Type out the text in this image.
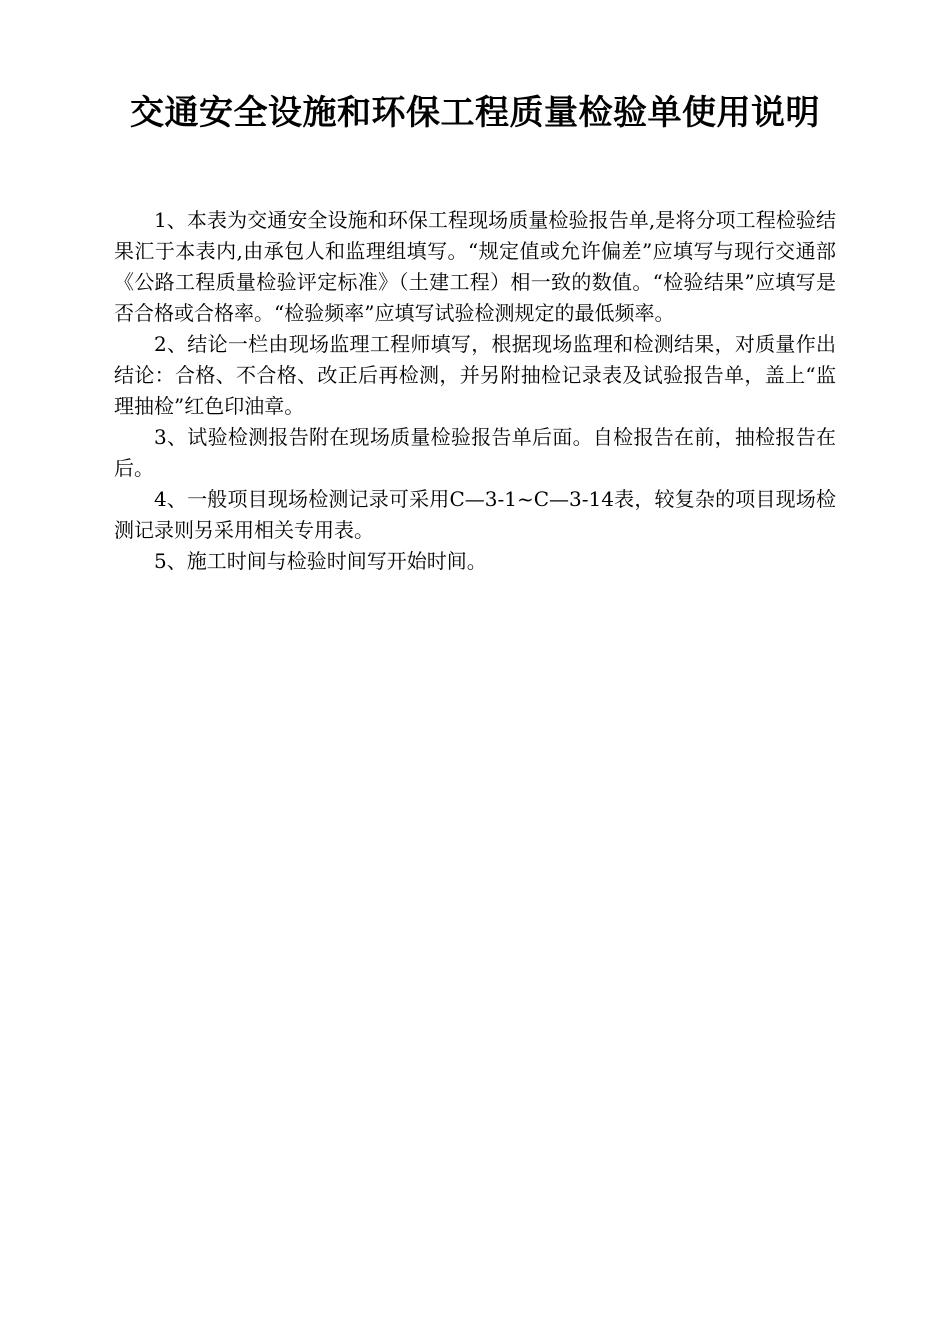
交通安全设施和环保工程质量检验单使用说明

1、本表为交通安全设施和环保工程现场质量检验报告单,是将分项工程检验结果汇于本表内,由承包人和监理组填写。“规定值或允许偏差”应填写与现行交通部《公路工程质量检验评定标准》（土建工程）相一致的数值。“检验结果”应填写是否合格或合格率。“检验频率”应填写试验检测规定的最低频率。

2、结论一栏由现场监理工程师填写，根据现场监理和检测结果，对质量作出结论：合格、不合格、改正后再检测，并另附抽检记录表及试验报告单，盖上“监理抽检”红色印油章。

3、试验检测报告附在现场质量检验报告单后面。自检报告在前，抽检报告在后。

4、一般项目现场检测记录可采用C—3-1~C—3-14表，较复杂的项目现场检测记录则另采用相关专用表。

5、施工时间与检验时间写开始时间。
